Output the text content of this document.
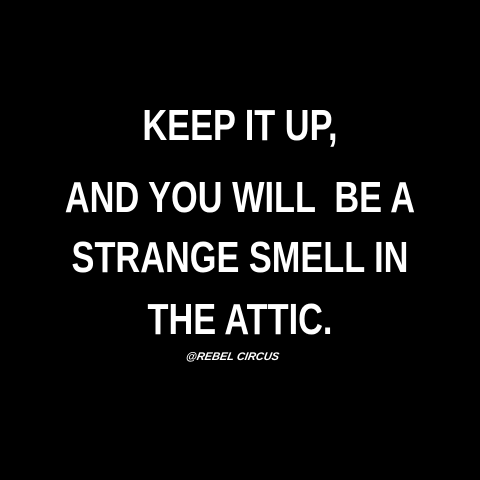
KEEP IT UP,
AND YOU WILL  BE A
STRANGE SMELL IN
THE ATTIC.
@REBEL CIRCUS
